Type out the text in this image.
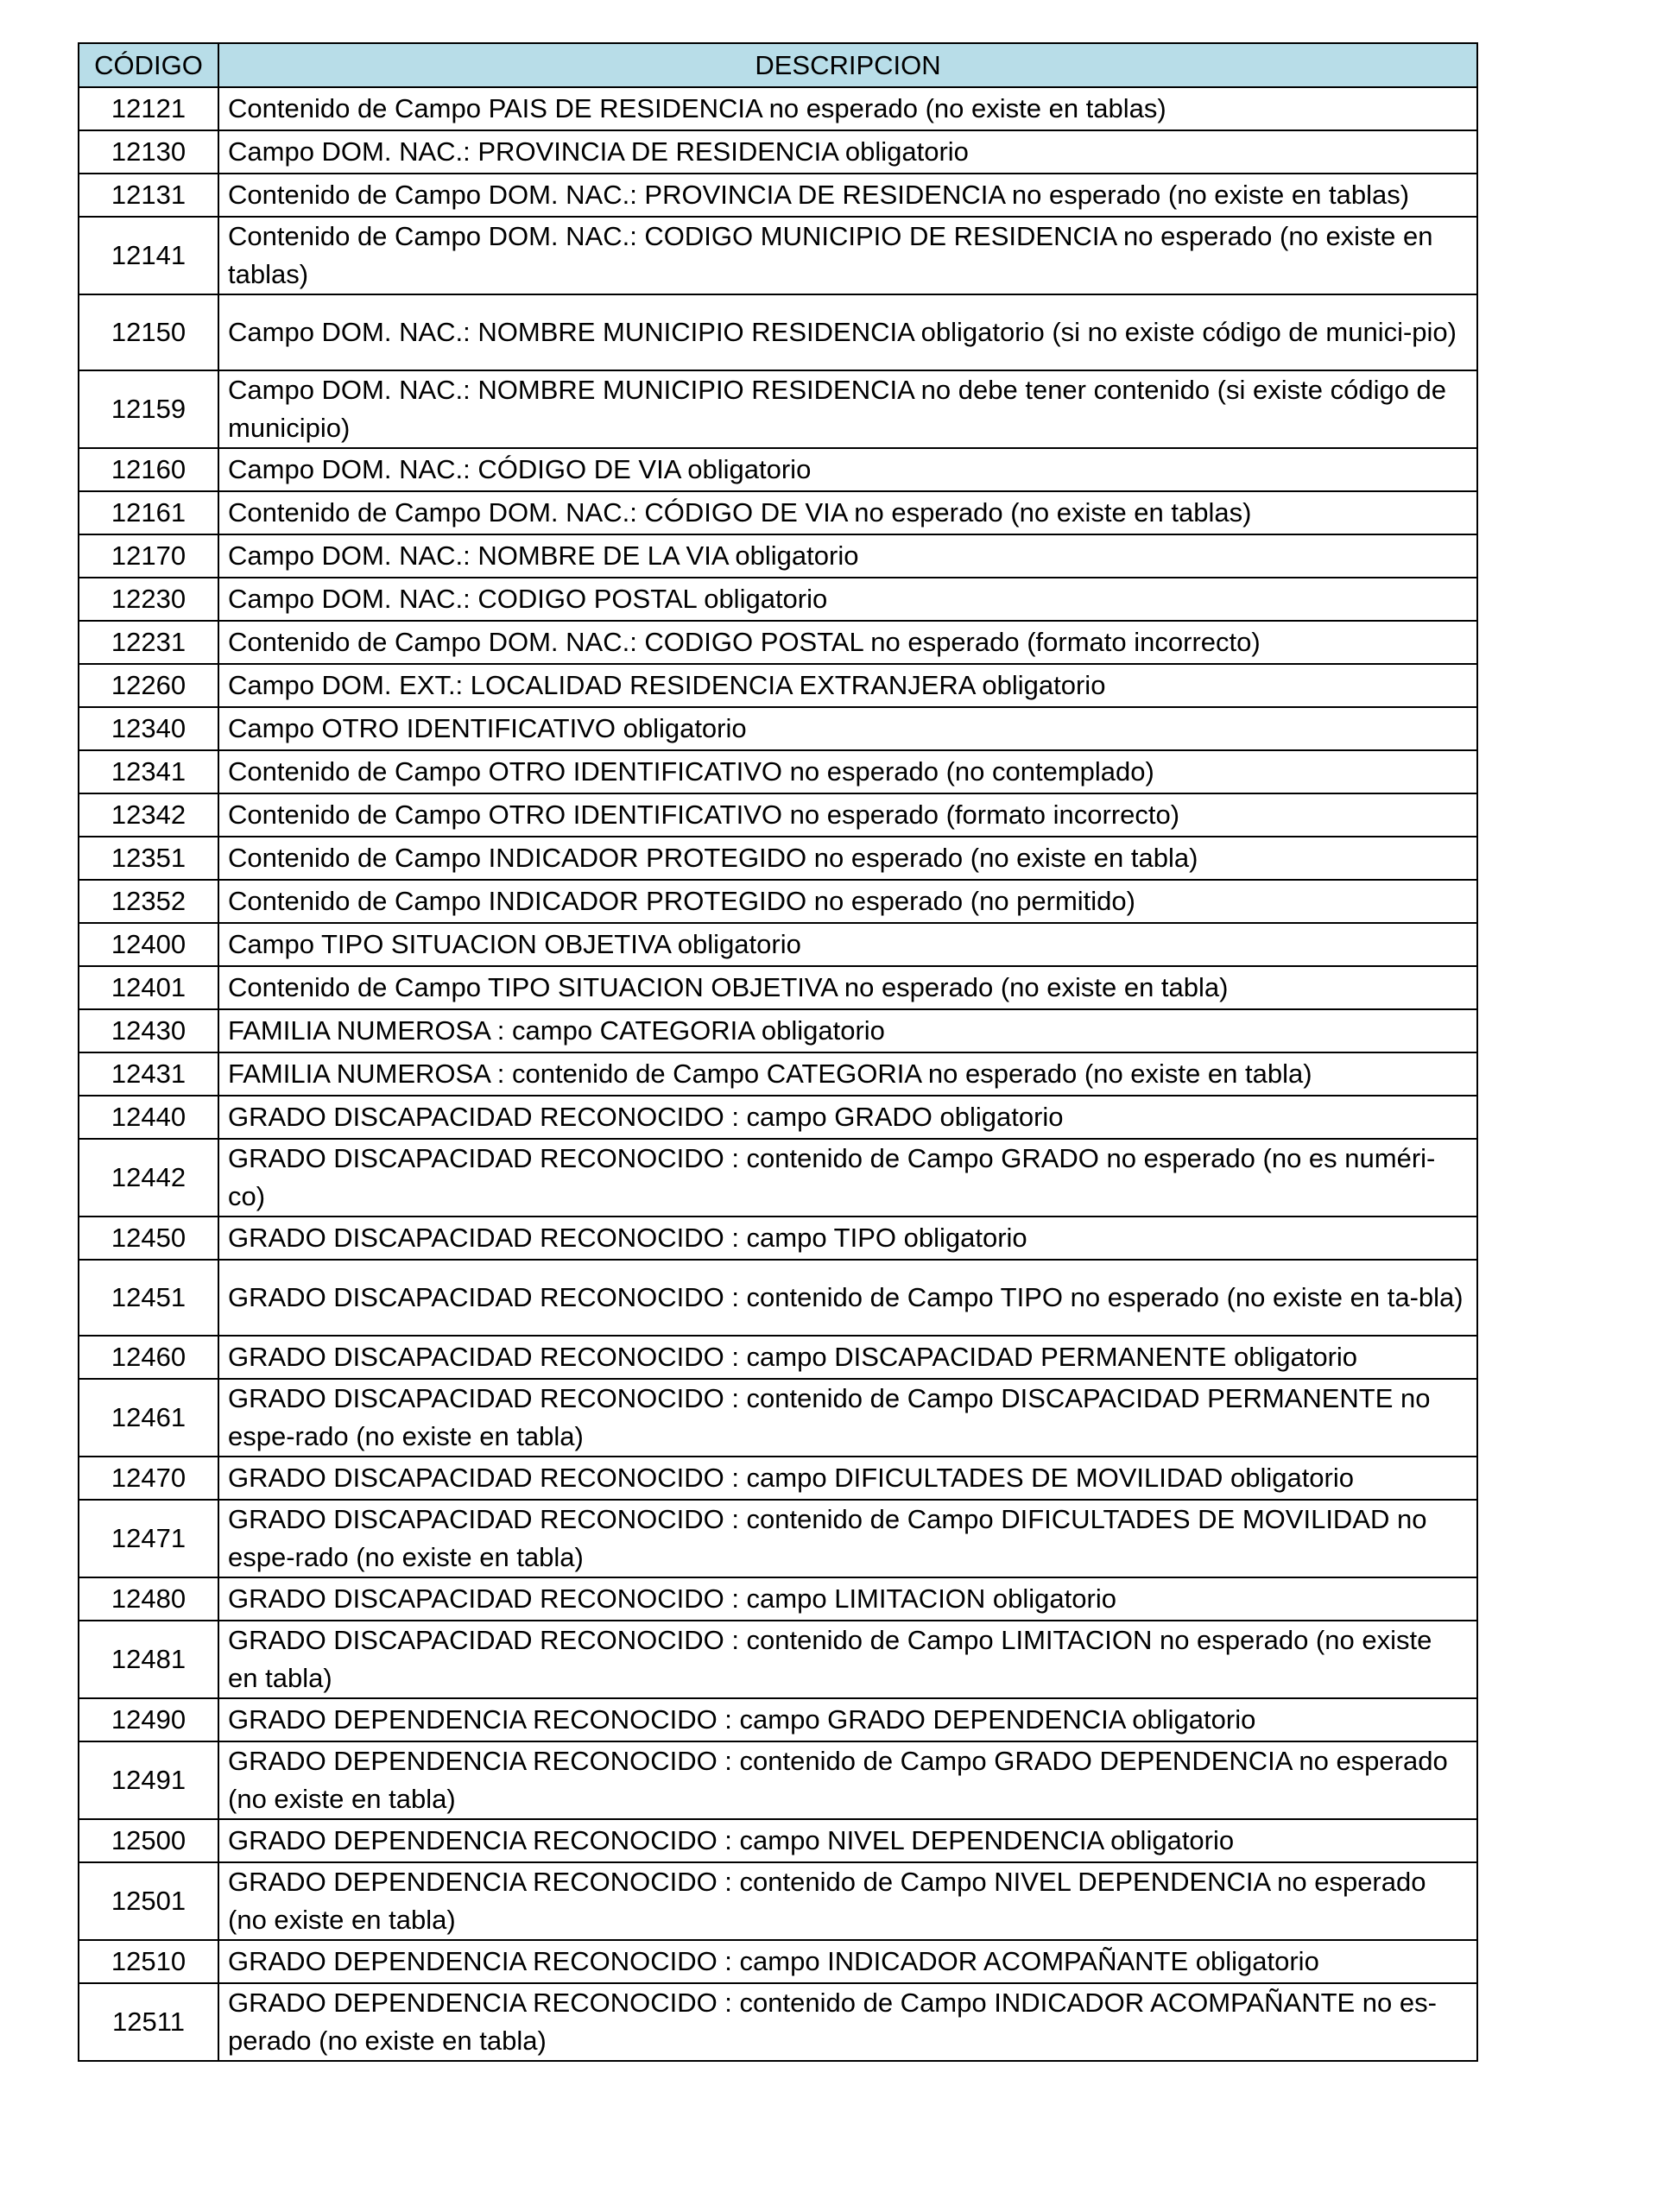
CÓDIGO	DESCRIPCION
12121	Contenido de Campo PAIS DE RESIDENCIA no esperado (no existe en tablas)
12130	Campo DOM. NAC.: PROVINCIA DE RESIDENCIA obligatorio
12131	Contenido de Campo DOM. NAC.: PROVINCIA DE RESIDENCIA no esperado (no existe en tablas)
12141	Contenido de Campo DOM. NAC.: CODIGO MUNICIPIO DE RESIDENCIA no esperado (no existe en tablas)
12150	Campo DOM. NAC.: NOMBRE MUNICIPIO RESIDENCIA obligatorio (si no existe código de munici-pio)
12159	Campo DOM. NAC.: NOMBRE MUNICIPIO RESIDENCIA no debe tener contenido (si existe código de municipio)
12160	Campo DOM. NAC.: CÓDIGO DE VIA obligatorio
12161	Contenido de Campo DOM. NAC.: CÓDIGO DE VIA no esperado (no existe en tablas)
12170	Campo DOM. NAC.: NOMBRE DE LA VIA obligatorio
12230	Campo DOM. NAC.: CODIGO POSTAL obligatorio
12231	Contenido de Campo DOM. NAC.: CODIGO POSTAL no esperado (formato incorrecto)
12260	Campo DOM. EXT.: LOCALIDAD RESIDENCIA EXTRANJERA obligatorio
12340	Campo OTRO IDENTIFICATIVO obligatorio
12341	Contenido de Campo OTRO IDENTIFICATIVO no esperado (no contemplado)
12342	Contenido de Campo OTRO IDENTIFICATIVO no esperado (formato incorrecto)
12351	Contenido de Campo INDICADOR PROTEGIDO no esperado (no existe en tabla)
12352	Contenido de Campo INDICADOR PROTEGIDO no esperado (no permitido)
12400	Campo TIPO SITUACION OBJETIVA obligatorio
12401	Contenido de Campo TIPO SITUACION OBJETIVA no esperado (no existe en tabla)
12430	FAMILIA NUMEROSA : campo CATEGORIA obligatorio
12431	FAMILIA NUMEROSA : contenido de Campo CATEGORIA no esperado (no existe en tabla)
12440	GRADO DISCAPACIDAD RECONOCIDO : campo GRADO obligatorio
12442	GRADO DISCAPACIDAD RECONOCIDO : contenido de Campo GRADO no esperado (no es numéri-co)
12450	GRADO DISCAPACIDAD RECONOCIDO : campo TIPO obligatorio
12451	GRADO DISCAPACIDAD RECONOCIDO : contenido de Campo TIPO no esperado (no existe en ta-bla)
12460	GRADO DISCAPACIDAD RECONOCIDO : campo DISCAPACIDAD PERMANENTE obligatorio
12461	GRADO DISCAPACIDAD RECONOCIDO : contenido de Campo DISCAPACIDAD PERMANENTE no espe-rado (no existe en tabla)
12470	GRADO DISCAPACIDAD RECONOCIDO : campo DIFICULTADES DE MOVILIDAD obligatorio
12471	GRADO DISCAPACIDAD RECONOCIDO : contenido de Campo DIFICULTADES DE MOVILIDAD no espe-rado (no existe en tabla)
12480	GRADO DISCAPACIDAD RECONOCIDO : campo LIMITACION obligatorio
12481	GRADO DISCAPACIDAD RECONOCIDO : contenido de Campo LIMITACION no esperado (no existe en tabla)
12490	GRADO DEPENDENCIA RECONOCIDO : campo GRADO DEPENDENCIA obligatorio
12491	GRADO DEPENDENCIA RECONOCIDO : contenido de Campo GRADO DEPENDENCIA no esperado (no existe en tabla)
12500	GRADO DEPENDENCIA RECONOCIDO : campo NIVEL DEPENDENCIA obligatorio
12501	GRADO DEPENDENCIA RECONOCIDO : contenido de Campo NIVEL DEPENDENCIA no esperado (no existe en tabla)
12510	GRADO DEPENDENCIA RECONOCIDO : campo INDICADOR ACOMPAÑANTE obligatorio
12511	GRADO DEPENDENCIA RECONOCIDO : contenido de Campo INDICADOR ACOMPAÑANTE no es-perado (no existe en tabla)
